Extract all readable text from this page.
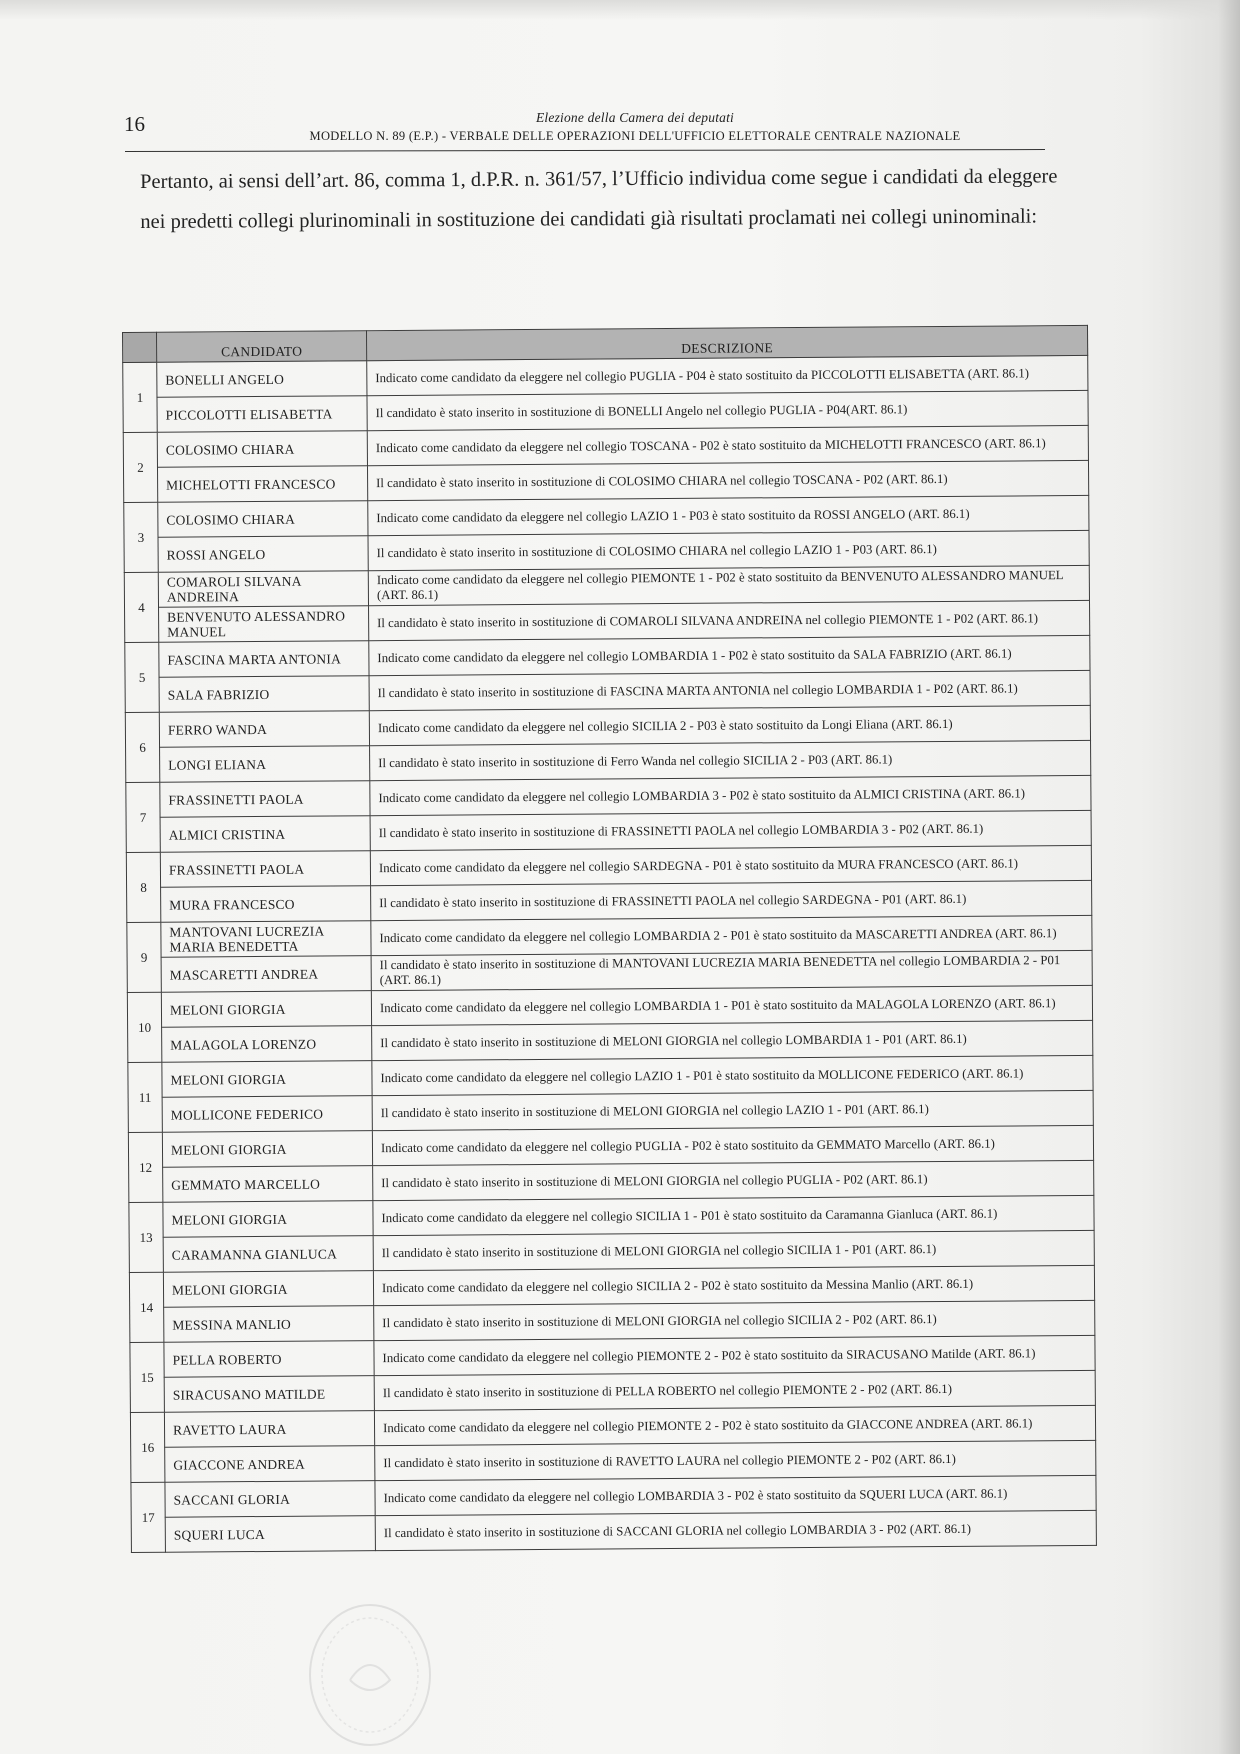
16	Elezione della Camera dei deputati
MODELLO N. 89 (E.P.) - VERBALE DELLE OPERAZIONI DELL'UFFICIO ELETTORALE CENTRALE NAZIONALE
Pertanto, ai sensi dell’art. 86, comma 1, d.P.R. n. 361/57, l’Ufficio individua come segue i candidati da eleggere nei predetti collegi plurinominali in sostituzione dei candidati già risultati proclamati nei collegi uninominali:
	CANDIDATO	DESCRIZIONE
1	BONELLI ANGELO	Indicato come candidato da eleggere nel collegio PUGLIA - P04 è stato sostituito da PICCOLOTTI ELISABETTA (ART. 86.1)
	PICCOLOTTI ELISABETTA	Il candidato è stato inserito in sostituzione di BONELLI Angelo nel collegio PUGLIA - P04(ART. 86.1)
2	COLOSIMO CHIARA	Indicato come candidato da eleggere nel collegio TOSCANA - P02 è stato sostituito da MICHELOTTI FRANCESCO (ART. 86.1)
	MICHELOTTI FRANCESCO	Il candidato è stato inserito in sostituzione di COLOSIMO CHIARA nel collegio TOSCANA - P02 (ART. 86.1)
3	COLOSIMO CHIARA	Indicato come candidato da eleggere nel collegio LAZIO 1 - P03 è stato sostituito da ROSSI ANGELO (ART. 86.1)
	ROSSI ANGELO	Il candidato è stato inserito in sostituzione di COLOSIMO CHIARA nel collegio LAZIO 1 - P03 (ART. 86.1)
4	COMAROLI SILVANA ANDREINA	Indicato come candidato da eleggere nel collegio PIEMONTE 1 - P02 è stato sostituito da BENVENUTO ALESSANDRO MANUEL (ART. 86.1)
	BENVENUTO ALESSANDRO MANUEL	Il candidato è stato inserito in sostituzione di COMAROLI SILVANA ANDREINA nel collegio PIEMONTE 1 - P02 (ART. 86.1)
5	FASCINA MARTA ANTONIA	Indicato come candidato da eleggere nel collegio LOMBARDIA 1 - P02 è stato sostituito da SALA FABRIZIO (ART. 86.1)
	SALA FABRIZIO	Il candidato è stato inserito in sostituzione di FASCINA MARTA ANTONIA nel collegio LOMBARDIA 1 - P02 (ART. 86.1)
6	FERRO WANDA	Indicato come candidato da eleggere nel collegio SICILIA 2 - P03 è stato sostituito da Longi Eliana (ART. 86.1)
	LONGI ELIANA	Il candidato è stato inserito in sostituzione di Ferro Wanda nel collegio SICILIA 2 - P03 (ART. 86.1)
7	FRASSINETTI PAOLA	Indicato come candidato da eleggere nel collegio LOMBARDIA 3 - P02 è stato sostituito da ALMICI CRISTINA (ART. 86.1)
	ALMICI CRISTINA	Il candidato è stato inserito in sostituzione di FRASSINETTI PAOLA nel collegio LOMBARDIA 3 - P02 (ART. 86.1)
8	FRASSINETTI PAOLA	Indicato come candidato da eleggere nel collegio SARDEGNA - P01 è stato sostituito da MURA FRANCESCO (ART. 86.1)
	MURA FRANCESCO	Il candidato è stato inserito in sostituzione di FRASSINETTI PAOLA nel collegio SARDEGNA - P01 (ART. 86.1)
9	MANTOVANI LUCREZIA MARIA BENEDETTA	Indicato come candidato da eleggere nel collegio LOMBARDIA 2 - P01 è stato sostituito da MASCARETTI ANDREA (ART. 86.1)
	MASCARETTI ANDREA	Il candidato è stato inserito in sostituzione di MANTOVANI LUCREZIA MARIA BENEDETTA nel collegio LOMBARDIA 2 - P01 (ART. 86.1)
10	MELONI GIORGIA	Indicato come candidato da eleggere nel collegio LOMBARDIA 1 - P01 è stato sostituito da MALAGOLA LORENZO (ART. 86.1)
	MALAGOLA LORENZO	Il candidato è stato inserito in sostituzione di MELONI GIORGIA nel collegio LOMBARDIA 1 - P01 (ART. 86.1)
11	MELONI GIORGIA	Indicato come candidato da eleggere nel collegio LAZIO 1 - P01 è stato sostituito da MOLLICONE FEDERICO (ART. 86.1)
	MOLLICONE FEDERICO	Il candidato è stato inserito in sostituzione di MELONI GIORGIA nel collegio LAZIO 1 - P01 (ART. 86.1)
12	MELONI GIORGIA	Indicato come candidato da eleggere nel collegio PUGLIA - P02 è stato sostituito da GEMMATO Marcello (ART. 86.1)
	GEMMATO MARCELLO	Il candidato è stato inserito in sostituzione di MELONI GIORGIA nel collegio PUGLIA - P02 (ART. 86.1)
13	MELONI GIORGIA	Indicato come candidato da eleggere nel collegio SICILIA 1 - P01 è stato sostituito da Caramanna Gianluca (ART. 86.1)
	CARAMANNA GIANLUCA	Il candidato è stato inserito in sostituzione di MELONI GIORGIA nel collegio SICILIA 1 - P01 (ART. 86.1)
14	MELONI GIORGIA	Indicato come candidato da eleggere nel collegio SICILIA 2 - P02 è stato sostituito da Messina Manlio (ART. 86.1)
	MESSINA MANLIO	Il candidato è stato inserito in sostituzione di MELONI GIORGIA nel collegio SICILIA 2 - P02 (ART. 86.1)
15	PELLA ROBERTO	Indicato come candidato da eleggere nel collegio PIEMONTE 2 - P02 è stato sostituito da SIRACUSANO Matilde (ART. 86.1)
	SIRACUSANO MATILDE	Il candidato è stato inserito in sostituzione di PELLA ROBERTO nel collegio PIEMONTE 2 - P02 (ART. 86.1)
16	RAVETTO LAURA	Indicato come candidato da eleggere nel collegio PIEMONTE 2 - P02 è stato sostituito da GIACCONE ANDREA (ART. 86.1)
	GIACCONE ANDREA	Il candidato è stato inserito in sostituzione di RAVETTO LAURA nel collegio PIEMONTE 2 - P02 (ART. 86.1)
17	SACCANI GLORIA	Indicato come candidato da eleggere nel collegio LOMBARDIA 3 - P02 è stato sostituito da SQUERI LUCA (ART. 86.1)
	SQUERI LUCA	Il candidato è stato inserito in sostituzione di SACCANI GLORIA nel collegio LOMBARDIA 3 - P02 (ART. 86.1)
